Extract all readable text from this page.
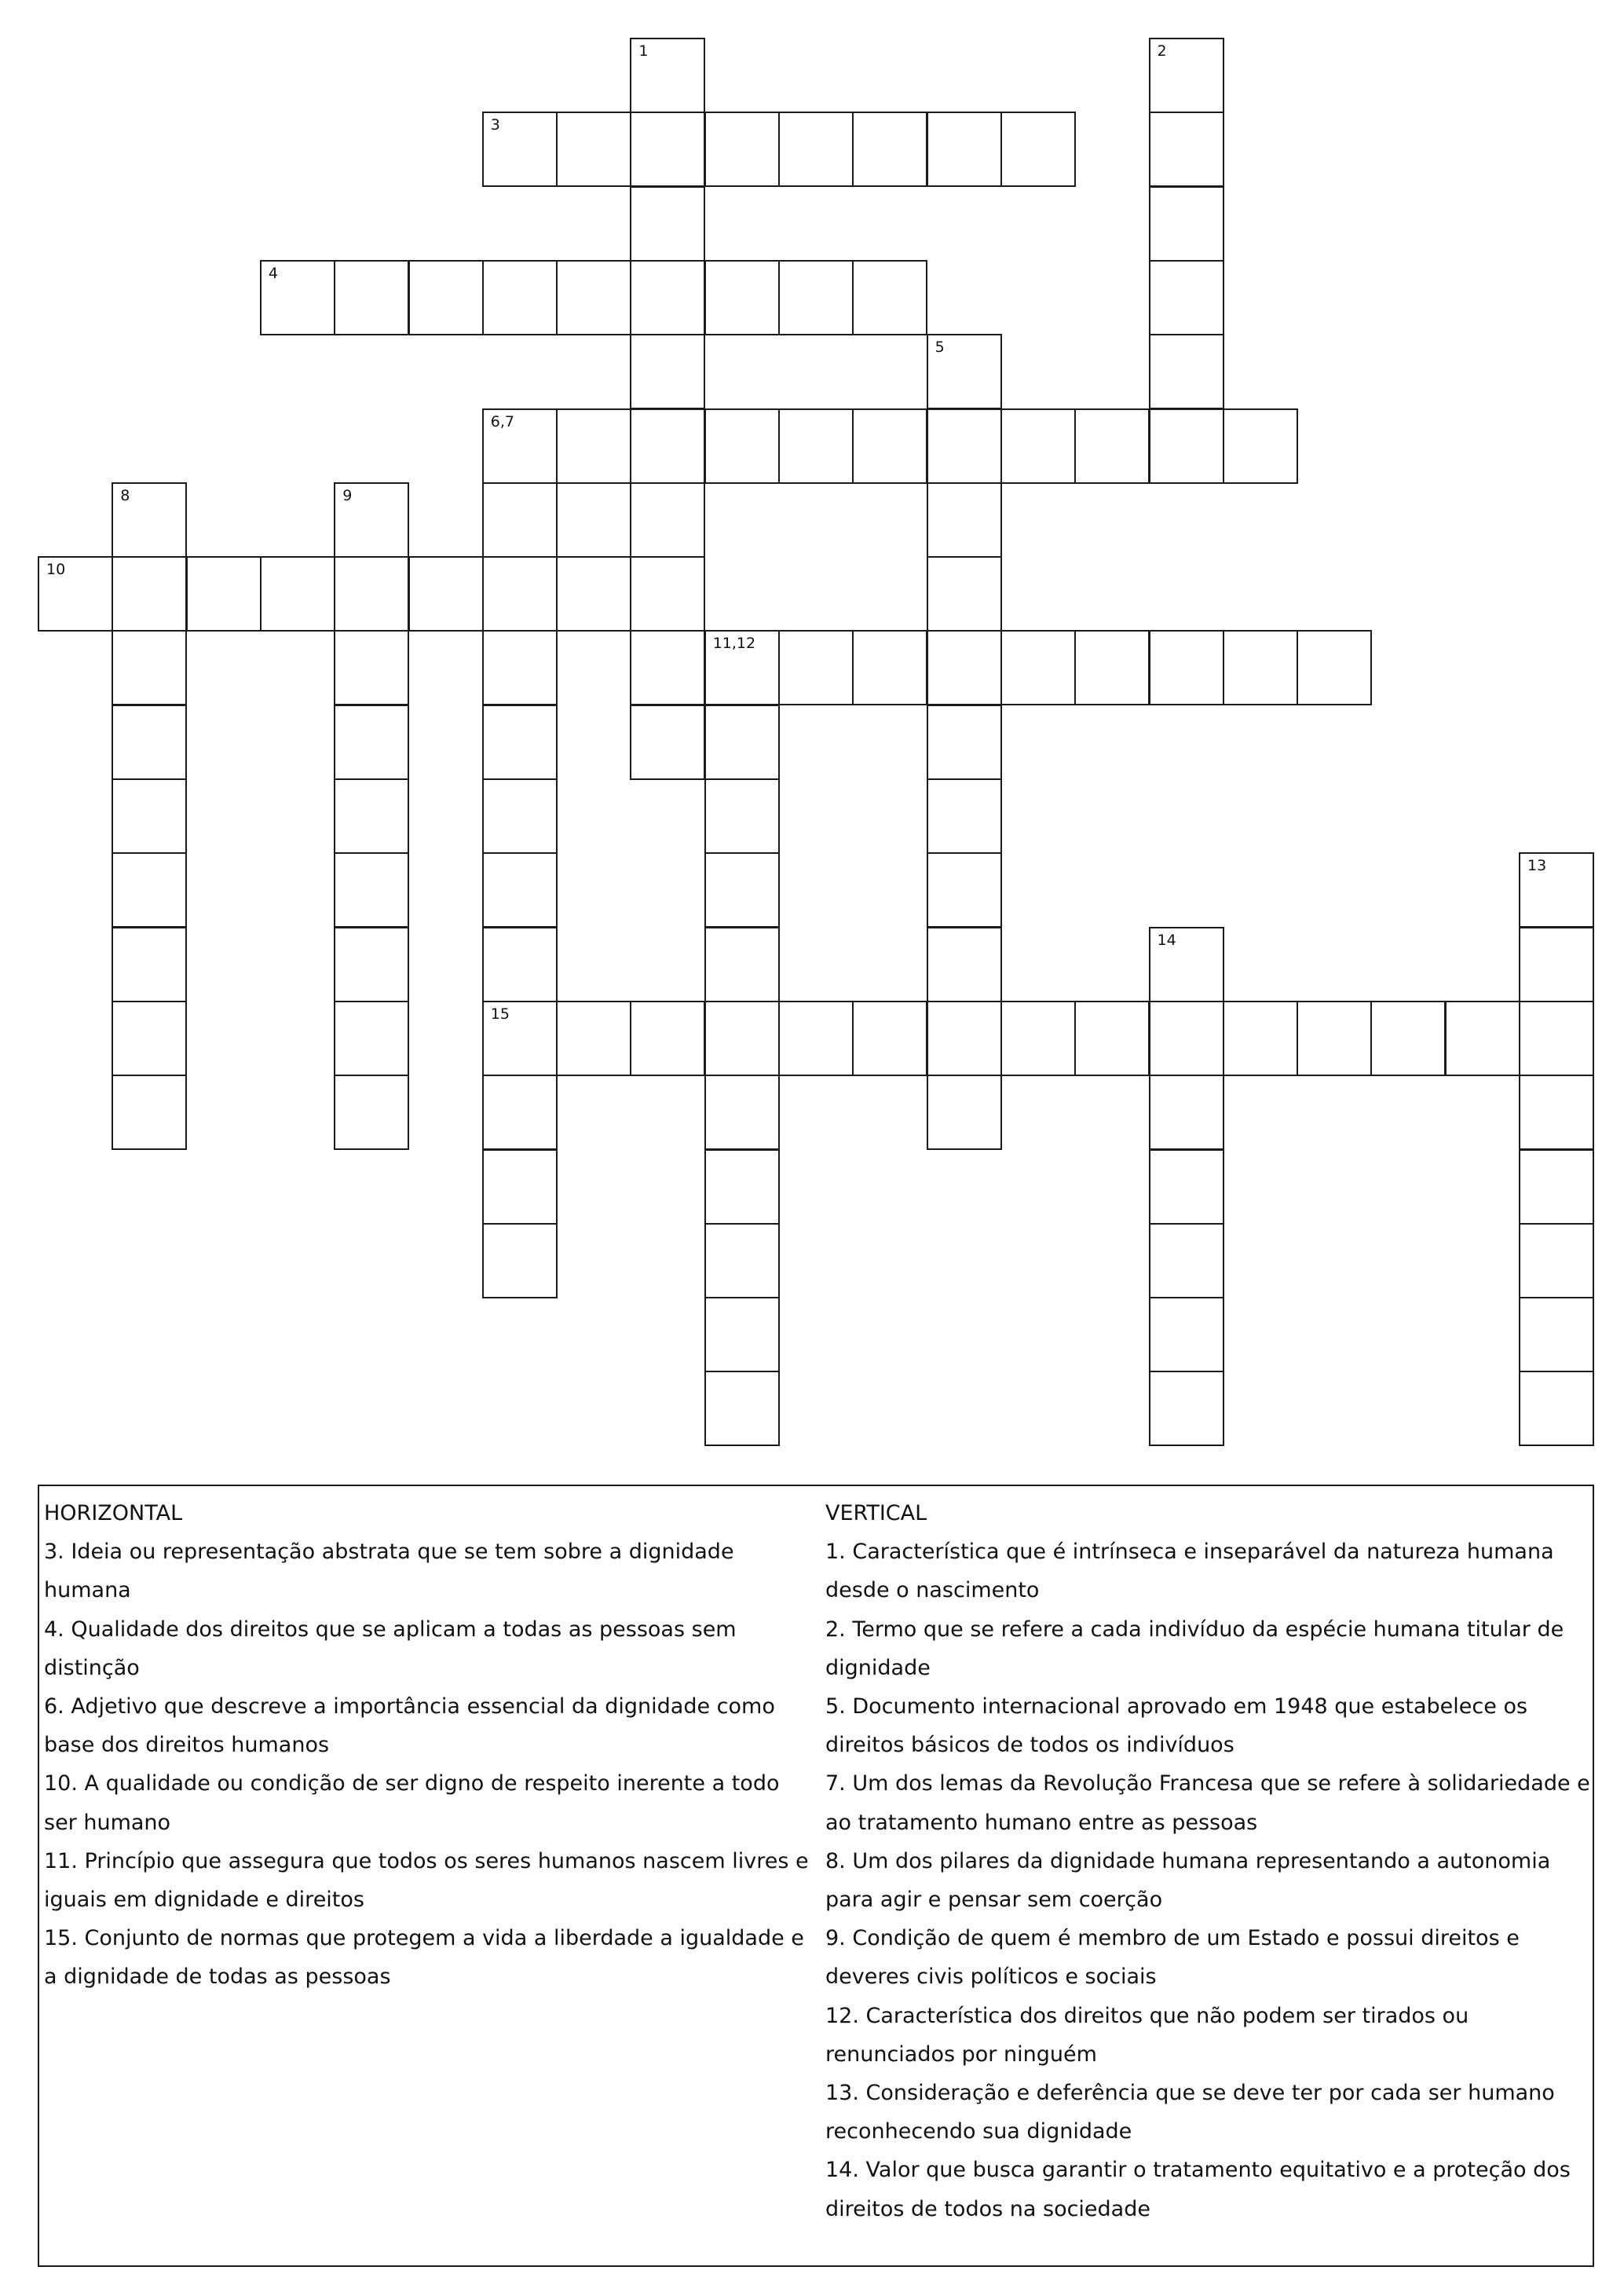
1	2
3
4
5
6,7
15
8	9
10
11,12
13
14
HORIZONTAL
3. Ideia ou representação abstrata que se tem sobre a dignidade humana
4. Qualidade dos direitos que se aplicam a todas as pessoas sem distinção
6. Adjetivo que descreve a importância essencial da dignidade como base dos direitos humanos
10. A qualidade ou condição de ser digno de respeito inerente a todo ser humano
11. Princípio que assegura que todos os seres humanos nascem livres e iguais em dignidade e direitos
15. Conjunto de normas que protegem a vida a liberdade a igualdade e a dignidade de todas as pessoas
VERTICAL
1. Característica que é intrínseca e inseparável da natureza humana desde o nascimento
2. Termo que se refere a cada indivíduo da espécie humana titular de dignidade
5. Documento internacional aprovado em 1948 que estabelece os direitos básicos de todos os indivíduos
7. Um dos lemas da Revolução Francesa que se refere à solidariedade e ao tratamento humano entre as pessoas
8. Um dos pilares da dignidade humana representando a autonomia para agir e pensar sem coerção
9. Condição de quem é membro de um Estado e possui direitos e deveres civis políticos e sociais
12. Característica dos direitos que não podem ser tirados ou renunciados por ninguém
13. Consideração e deferência que se deve ter por cada ser humano reconhecendo sua dignidade
14. Valor que busca garantir o tratamento equitativo e a proteção dos direitos de todos na sociedade
